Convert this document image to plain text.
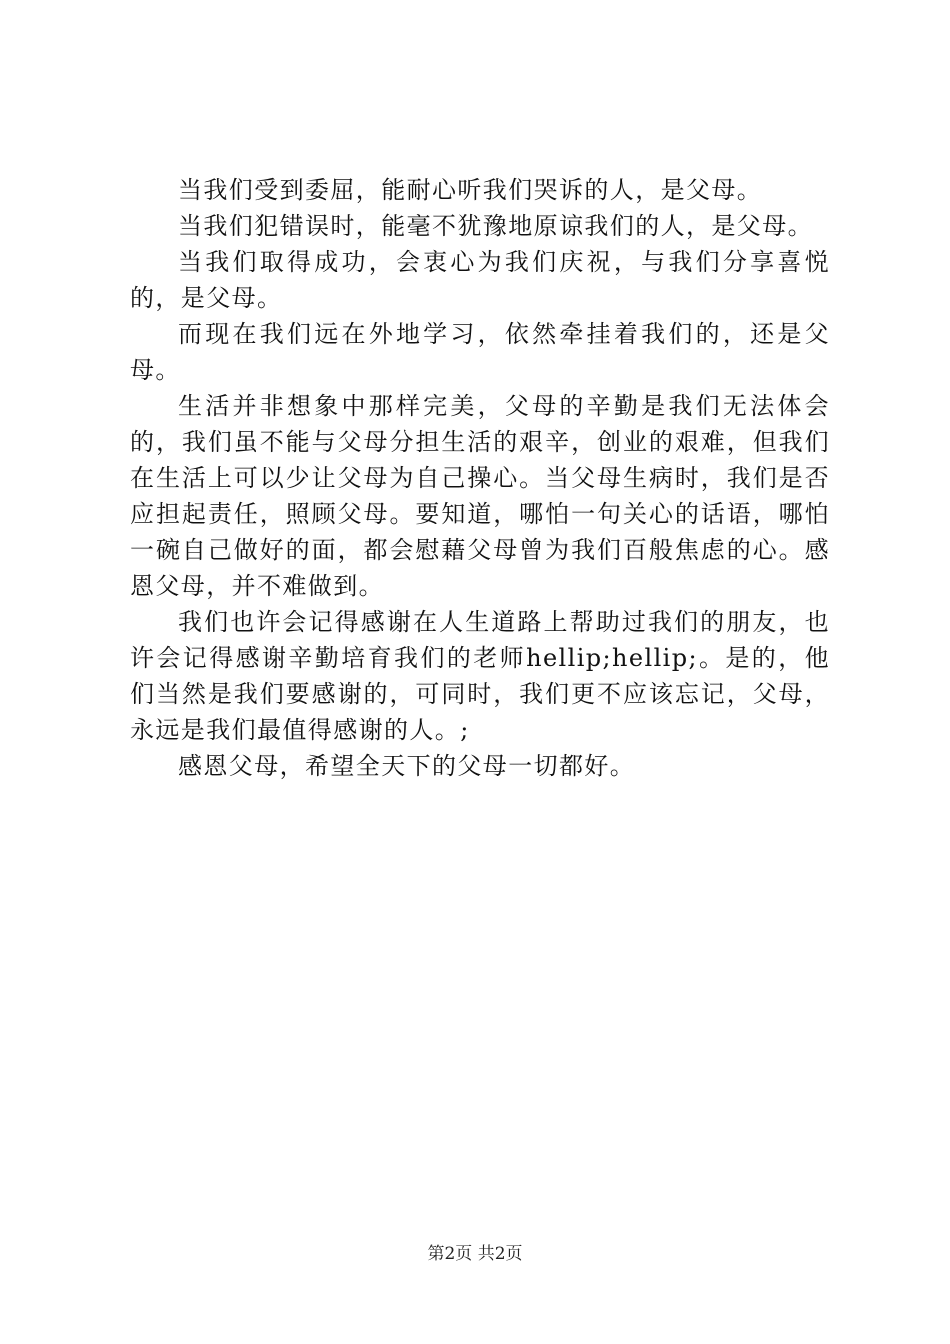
当我们受到委屈，能耐心听我们哭诉的人，是父母。

当我们犯错误时，能毫不犹豫地原谅我们的人，是父母。

当我们取得成功，会衷心为我们庆祝，与我们分享喜悦的，是父母。

而现在我们远在外地学习，依然牵挂着我们的，还是父母。

生活并非想象中那样完美，父母的辛勤是我们无法体会的，我们虽不能与父母分担生活的艰辛，创业的艰难，但我们在生活上可以少让父母为自己操心。当父母生病时，我们是否应担起责任，照顾父母。要知道，哪怕一句关心的话语，哪怕一碗自己做好的面，都会慰藉父母曾为我们百般焦虑的心。感恩父母，并不难做到。

我们也许会记得感谢在人生道路上帮助过我们的朋友，也许会记得感谢辛勤培育我们的老师hellip;hellip;。是的，他们当然是我们要感谢的，可同时，我们更不应该忘记，父母，永远是我们最值得感谢的人。;

感恩父母，希望全天下的父母一切都好。

第2页 共2页
